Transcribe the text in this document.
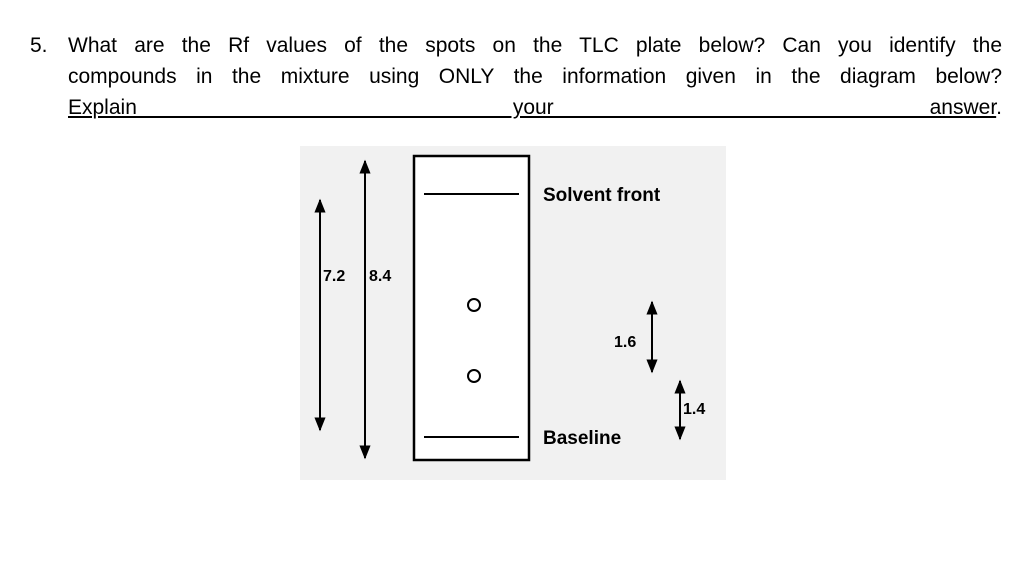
5. What are the Rf values of the spots on the TLC plate below? Can you identify the
compounds in the mixture using ONLY the information given in the diagram below?
Explain your answer.
Solvent front
Baseline
7.2 8.4
1.6
1.4
